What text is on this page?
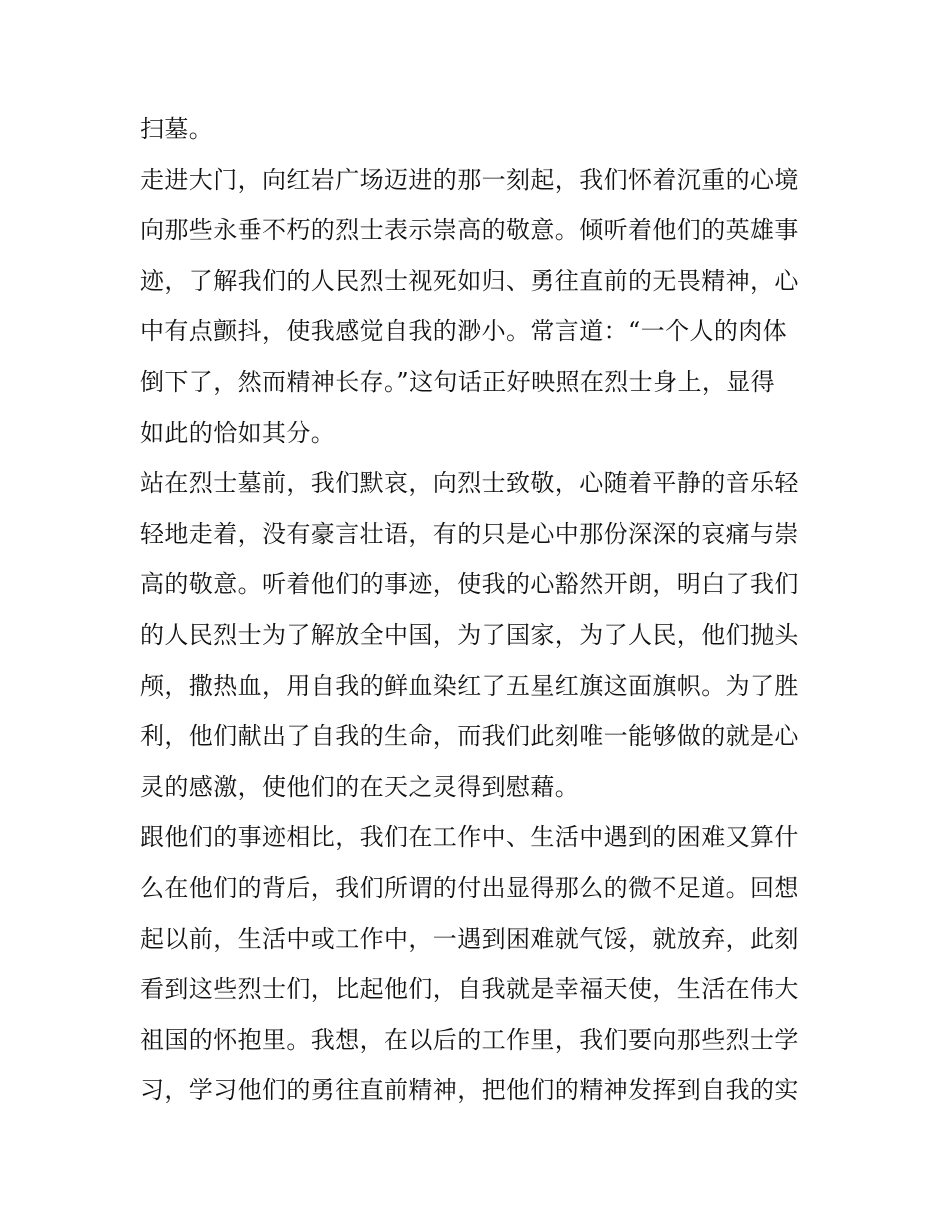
扫墓。
走进大门，向红岩广场迈进的那一刻起，我们怀着沉重的心境
向那些永垂不朽的烈士表示崇高的敬意。倾听着他们的英雄事
迹，了解我们的人民烈士视死如归、勇往直前的无畏精神，心
中有点颤抖，使我感觉自我的渺小。常言道：“一个人的肉体
倒下了，然而精神长存。”这句话正好映照在烈士身上，显得
如此的恰如其分。
站在烈士墓前，我们默哀，向烈士致敬，心随着平静的音乐轻
轻地走着，没有豪言壮语，有的只是心中那份深深的哀痛与崇
高的敬意。听着他们的事迹，使我的心豁然开朗，明白了我们
的人民烈士为了解放全中国，为了国家，为了人民，他们抛头
颅，撒热血，用自我的鲜血染红了五星红旗这面旗帜。为了胜
利，他们献出了自我的生命，而我们此刻唯一能够做的就是心
灵的感激，使他们的在天之灵得到慰藉。
跟他们的事迹相比，我们在工作中、生活中遇到的困难又算什
么在他们的背后，我们所谓的付出显得那么的微不足道。回想
起以前，生活中或工作中，一遇到困难就气馁，就放弃，此刻
看到这些烈士们，比起他们，自我就是幸福天使，生活在伟大
祖国的怀抱里。我想，在以后的工作里，我们要向那些烈士学
习，学习他们的勇往直前精神，把他们的精神发挥到自我的实
